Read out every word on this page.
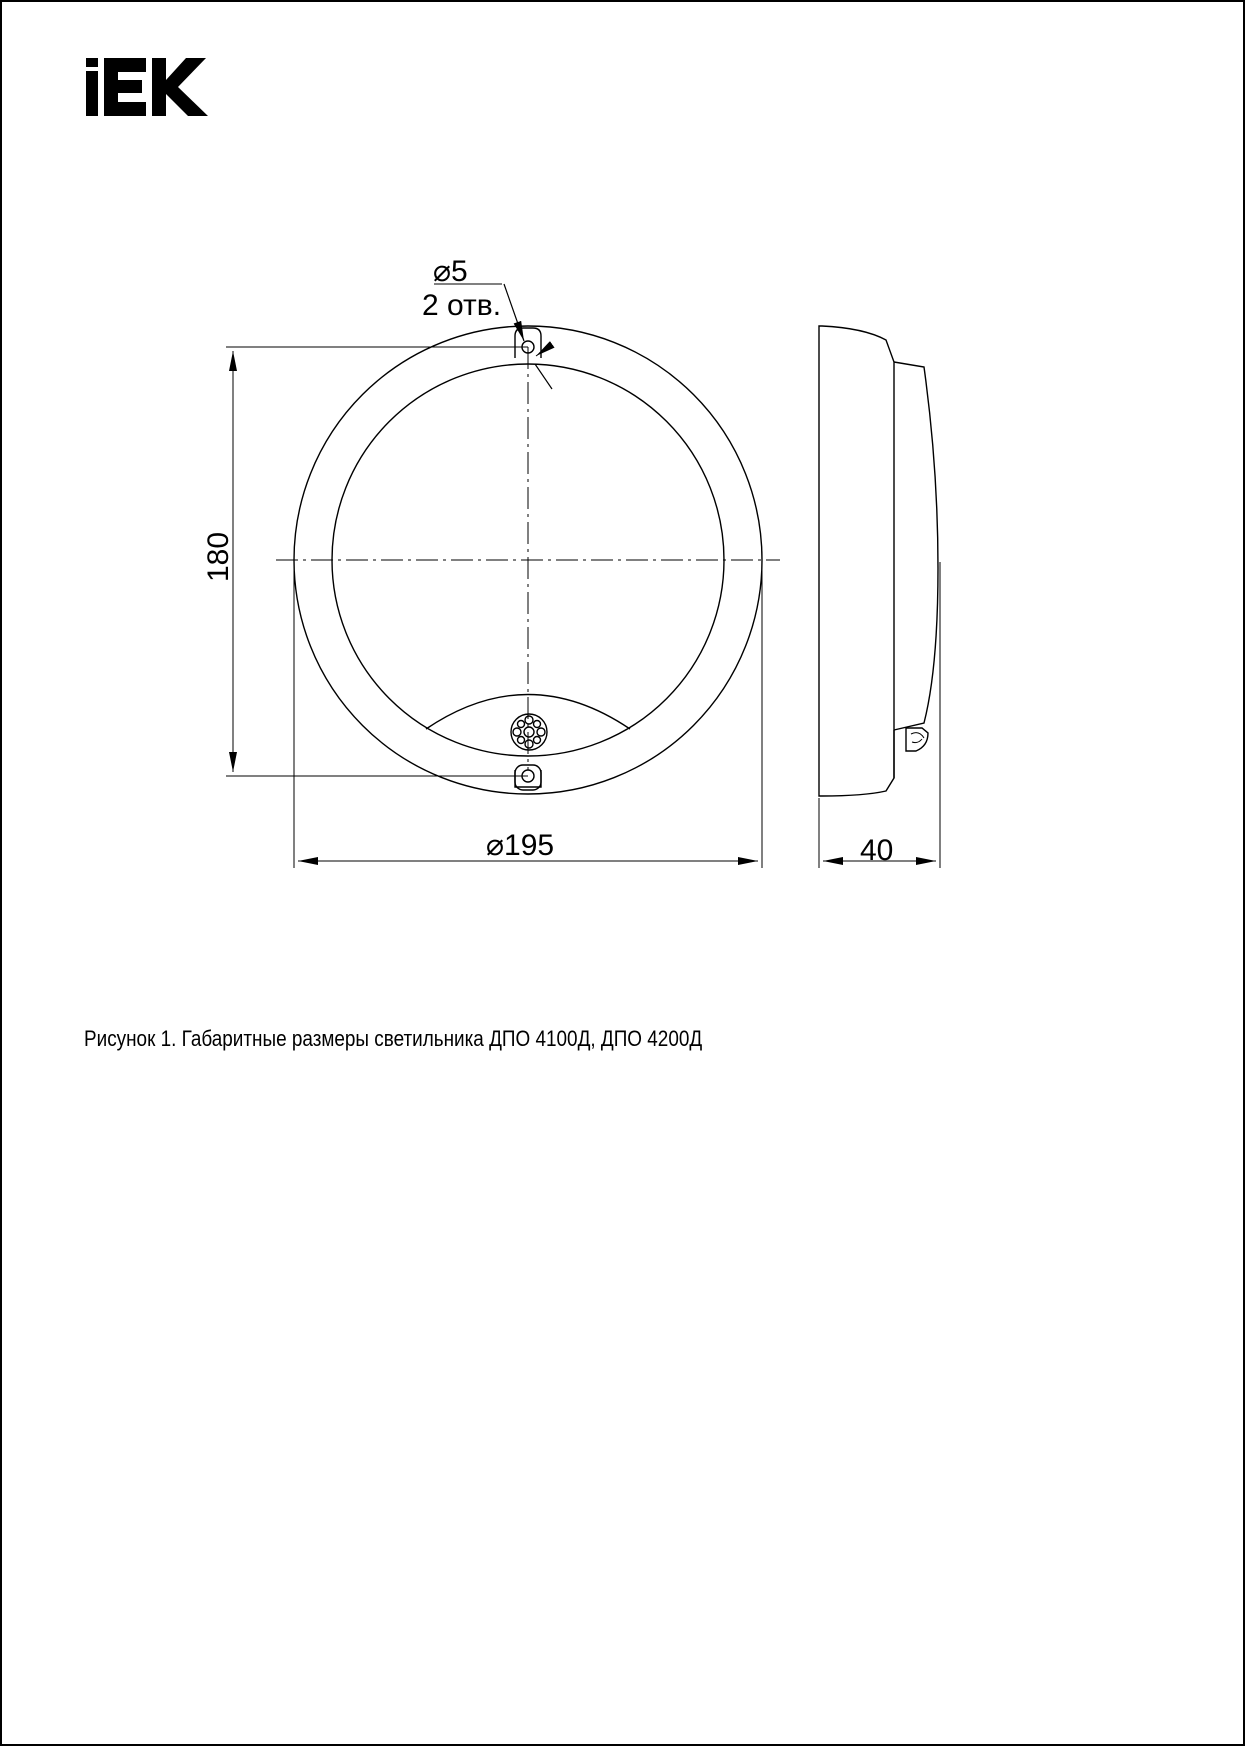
⌀5
2 отв.
180
⌀195	40
Рисунок 1. Габаритные размеры светильника ДПО 4100Д, ДПО 4200Д
